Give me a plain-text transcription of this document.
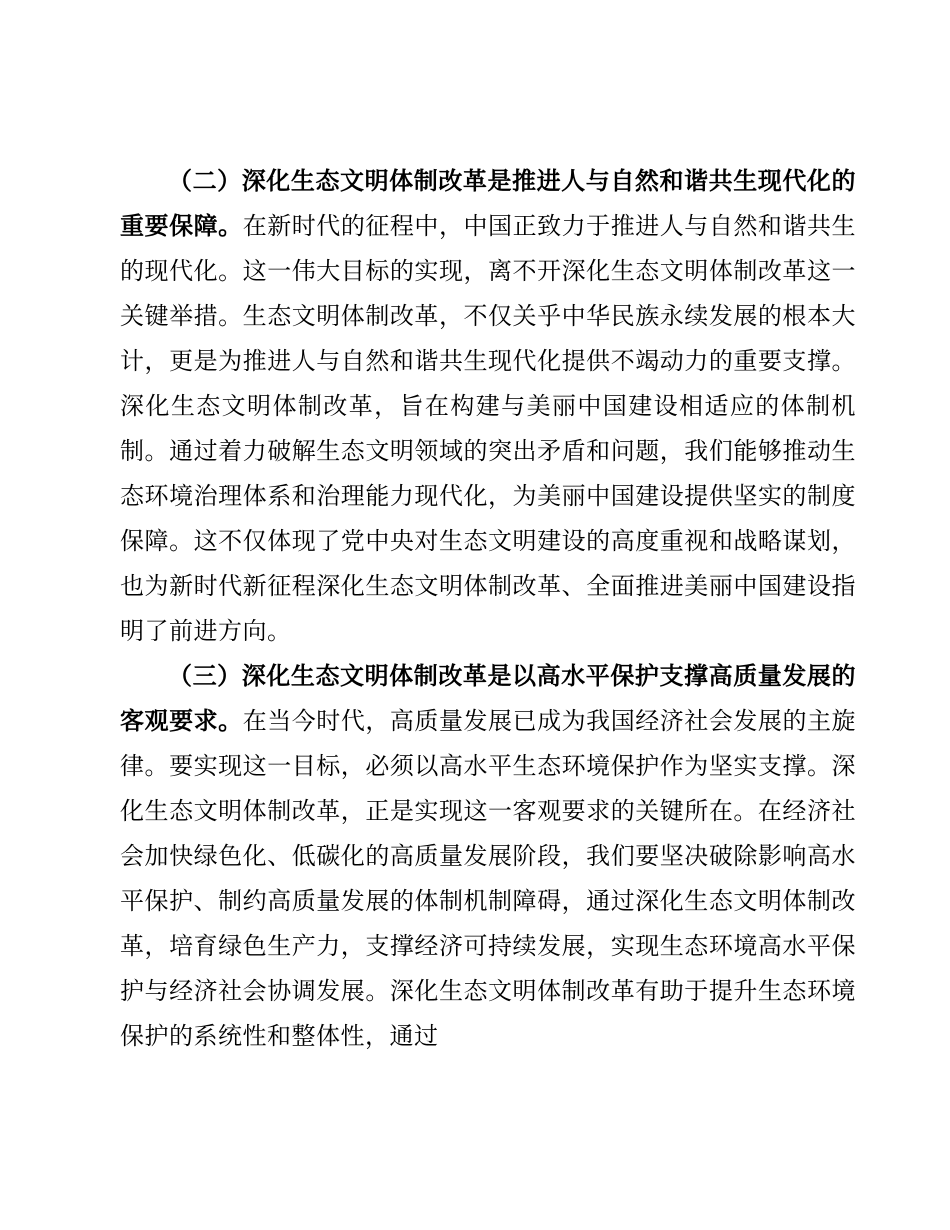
（二）深化生态文明体制改革是推进人与自然和谐共生现代化的重要保障。在新时代的征程中，中国正致力于推进人与自然和谐共生的现代化。这一伟大目标的实现，离不开深化生态文明体制改革这一关键举措。生态文明体制改革，不仅关乎中华民族永续发展的根本大计，更是为推进人与自然和谐共生现代化提供不竭动力的重要支撑。深化生态文明体制改革，旨在构建与美丽中国建设相适应的体制机制。通过着力破解生态文明领域的突出矛盾和问题，我们能够推动生态环境治理体系和治理能力现代化，为美丽中国建设提供坚实的制度保障。这不仅体现了党中央对生态文明建设的高度重视和战略谋划，也为新时代新征程深化生态文明体制改革、全面推进美丽中国建设指明了前进方向。

（三）深化生态文明体制改革是以高水平保护支撑高质量发展的客观要求。在当今时代，高质量发展已成为我国经济社会发展的主旋律。要实现这一目标，必须以高水平生态环境保护作为坚实支撑。深化生态文明体制改革，正是实现这一客观要求的关键所在。在经济社会加快绿色化、低碳化的高质量发展阶段，我们要坚决破除影响高水平保护、制约高质量发展的体制机制障碍，通过深化生态文明体制改革，培育绿色生产力，支撑经济可持续发展，实现生态环境高水平保护与经济社会协调发展。深化生态文明体制改革有助于提升生态环境保护的系统性和整体性，通过
